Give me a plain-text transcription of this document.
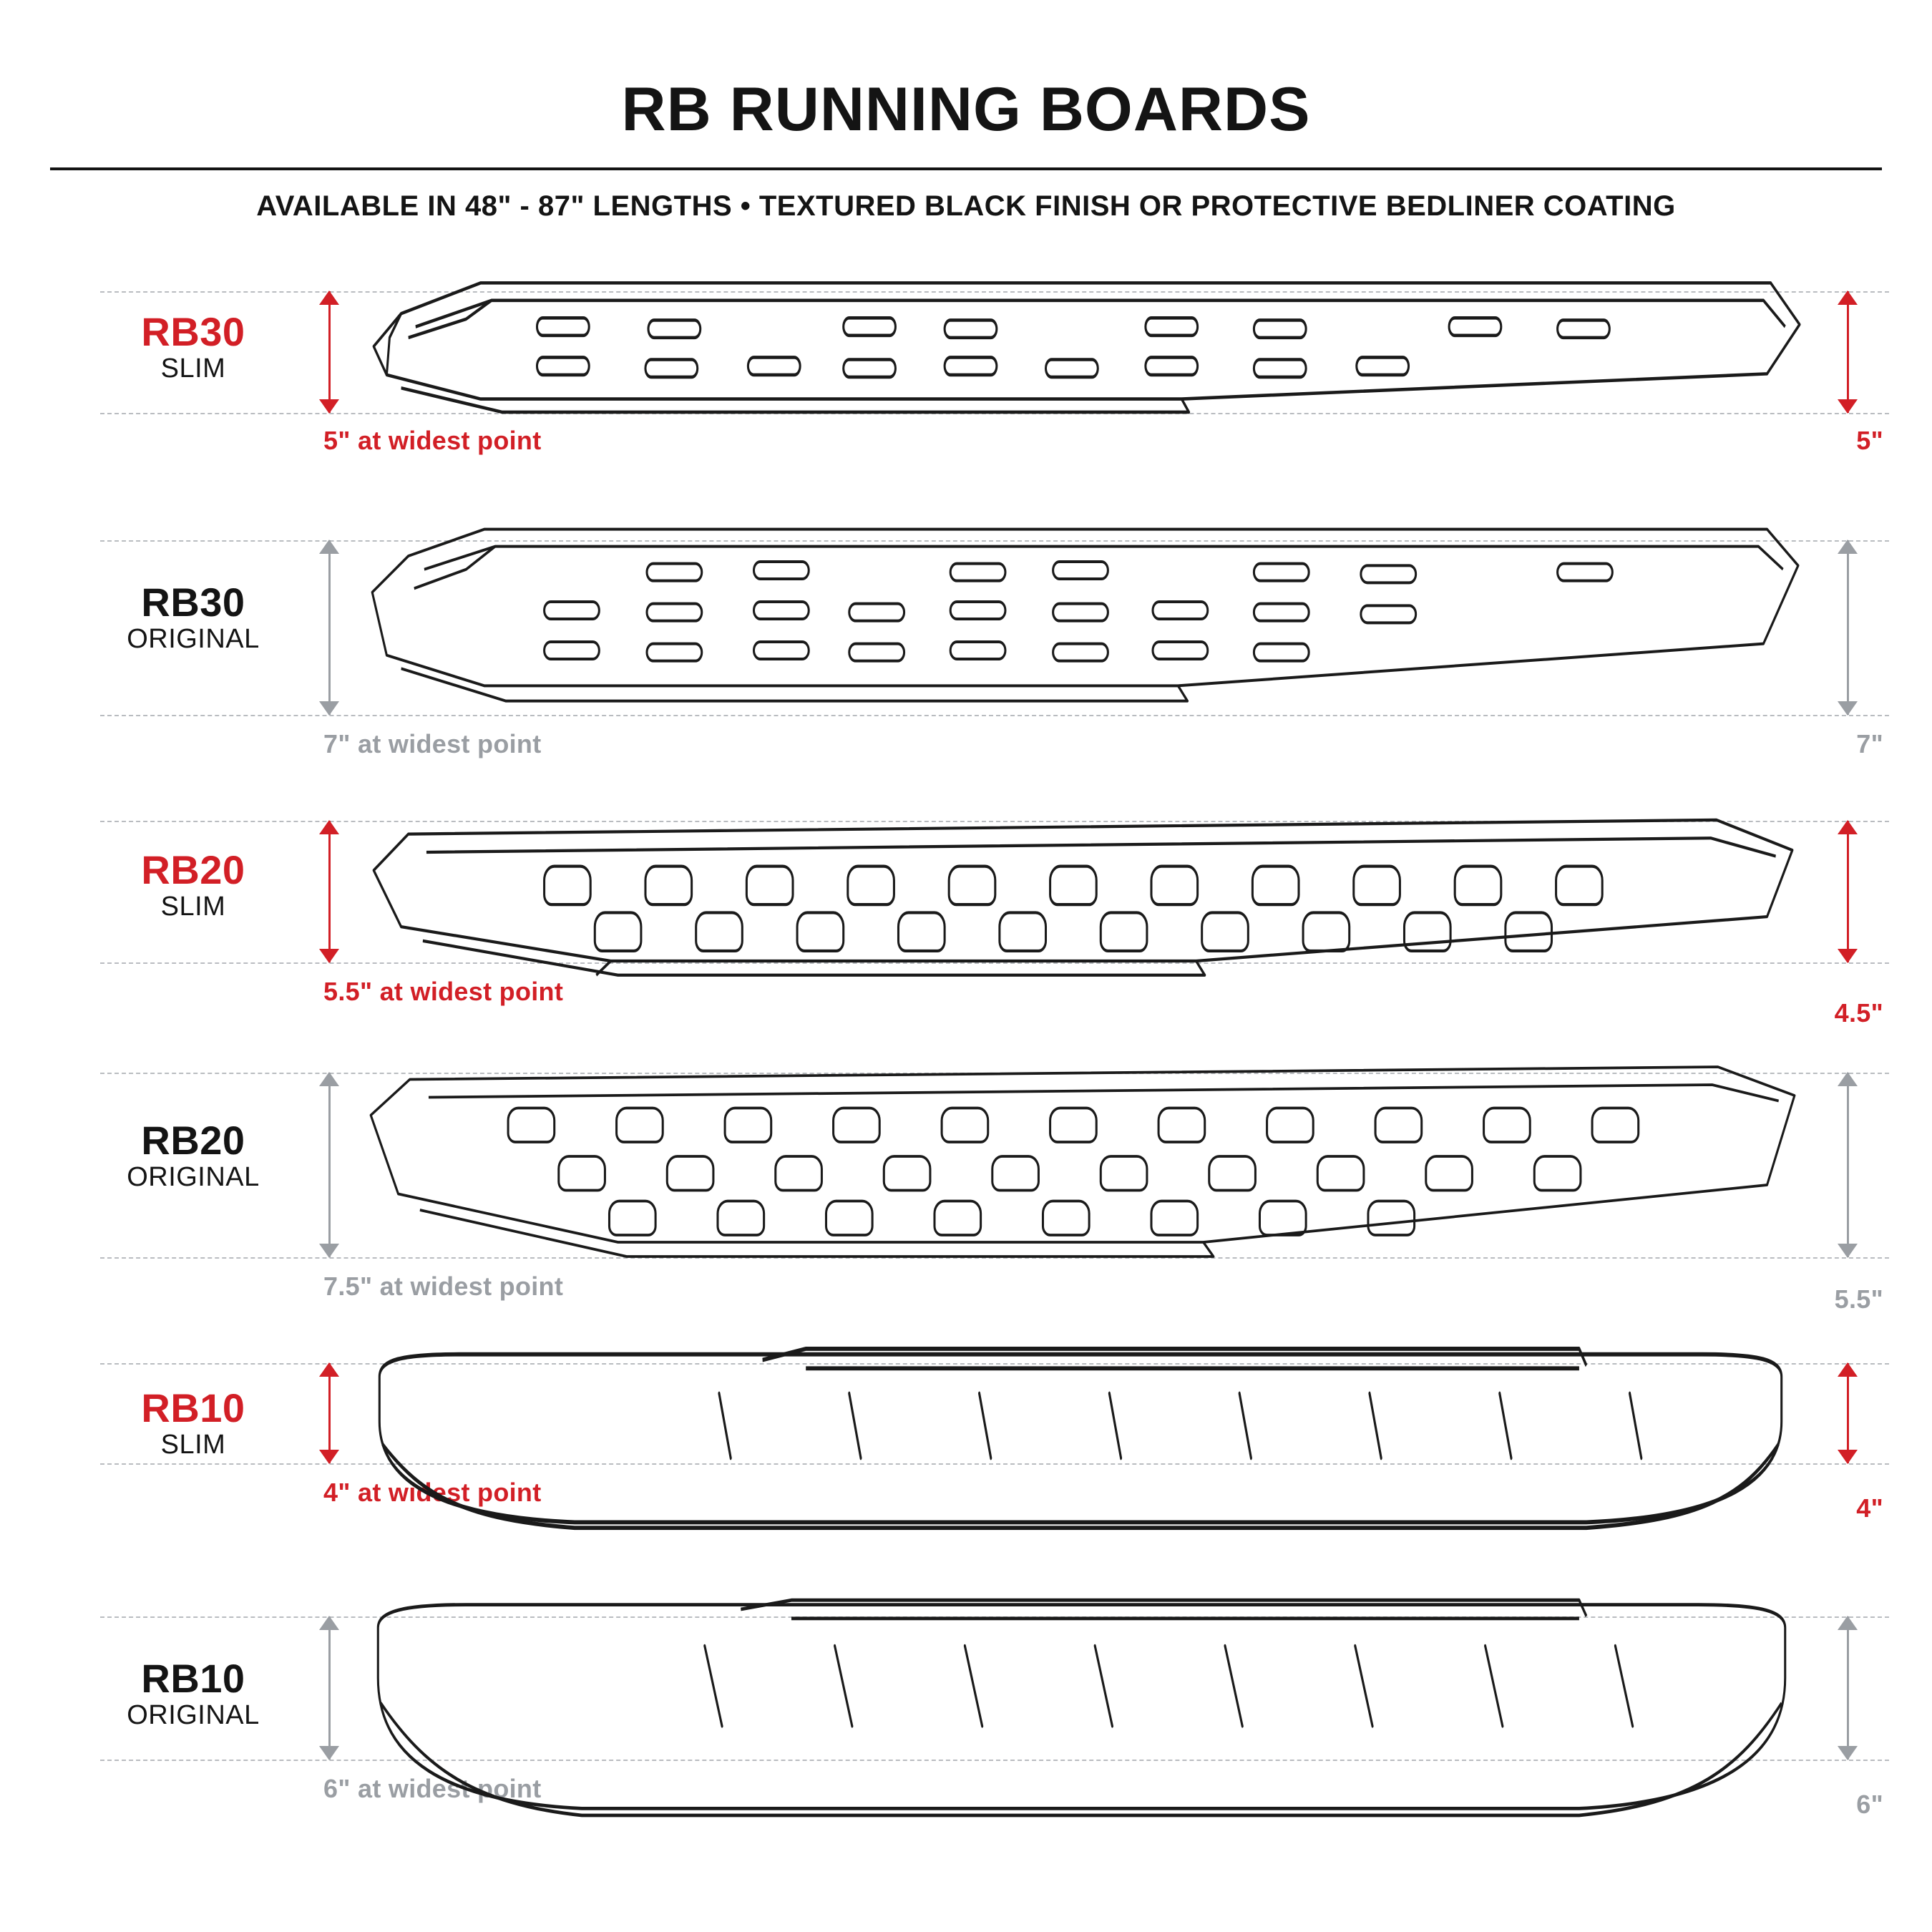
RB RUNNING BOARDS
AVAILABLE IN 48" - 87" LENGTHS • TEXTURED BLACK FINISH OR PROTECTIVE BEDLINER COATING
RB30
SLIM
5" at widest point	5"
RB30
ORIGINAL
7" at widest point	7"
RB20
SLIM
5.5" at widest point
4.5"
RB20
ORIGINAL
7.5" at widest point	5.5"
RB10
SLIM
4" at widest point
4"
RB10
ORIGINAL
6" at widest point
6"
